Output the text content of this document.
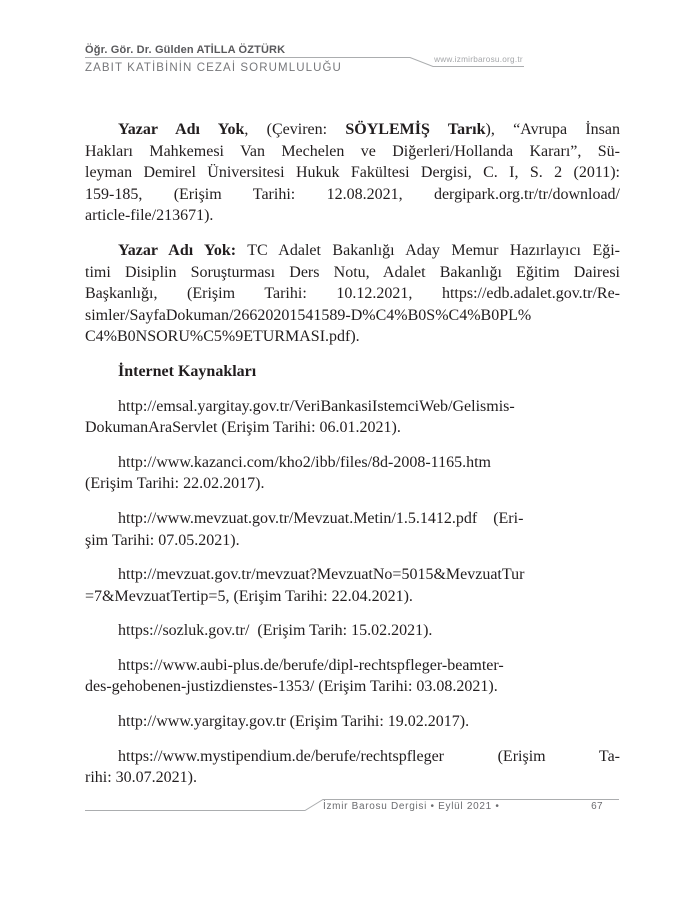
Öğr. Gör. Dr. Gülden ATİLLA ÖZTÜRK
www.izmirbarosu.org.tr
ZABIT KATİBİNİN CEZAİ SORUMLULUĞU
Yazar Adı Yok, (Çeviren: SÖYLEMİŞ Tarık), “Avrupa İnsan
Hakları Mahkemesi Van Mechelen ve Diğerleri/Hollanda Kararı”, Sü-
leyman Demirel Üniversitesi Hukuk Fakültesi Dergisi, C. I, S. 2 (2011):
159-185, (Erişim Tarihi: 12.08.2021, dergipark.org.tr/tr/download/
article-file/213671).
Yazar Adı Yok: TC Adalet Bakanlığı Aday Memur Hazırlayıcı Eği-
timi Disiplin Soruşturması Ders Notu, Adalet Bakanlığı Eğitim Dairesi
Başkanlığı, (Erişim Tarihi: 10.12.2021, https://edb.adalet.gov.tr/Re-
simler/SayfaDokuman/26620201541589-D%C4%B0S%C4%B0PL%
C4%B0NSORU%C5%9ETURMASI.pdf).
İnternet Kaynakları
http://emsal.yargitay.gov.tr/VeriBankasiIstemciWeb/Gelismis-
DokumanAraServlet (Erişim Tarihi: 06.01.2021).
http://www.kazanci.com/kho2/ibb/files/8d-2008-1165.htm
(Erişim Tarihi: 22.02.2017).
http://www.mevzuat.gov.tr/Mevzuat.Metin/1.5.1412.pdf    (Eri-
şim Tarihi: 07.05.2021).
http://mevzuat.gov.tr/mevzuat?MevzuatNo=5015&MevzuatTur
=7&MevzuatTertip=5, (Erişim Tarihi: 22.04.2021).
https://sozluk.gov.tr/  (Erişim Tarih: 15.02.2021).
https://www.aubi-plus.de/berufe/dipl-rechtspfleger-beamter-
des-gehobenen-justizdienstes-1353/ (Erişim Tarihi: 03.08.2021).
http://www.yargitay.gov.tr (Erişim Tarihi: 19.02.2017).
https://www.mystipendium.de/berufe/rechtspfleger (Erişim Ta-
rihi: 30.07.2021).
İzmir Barosu Dergisi • Eylül 2021 •	67
